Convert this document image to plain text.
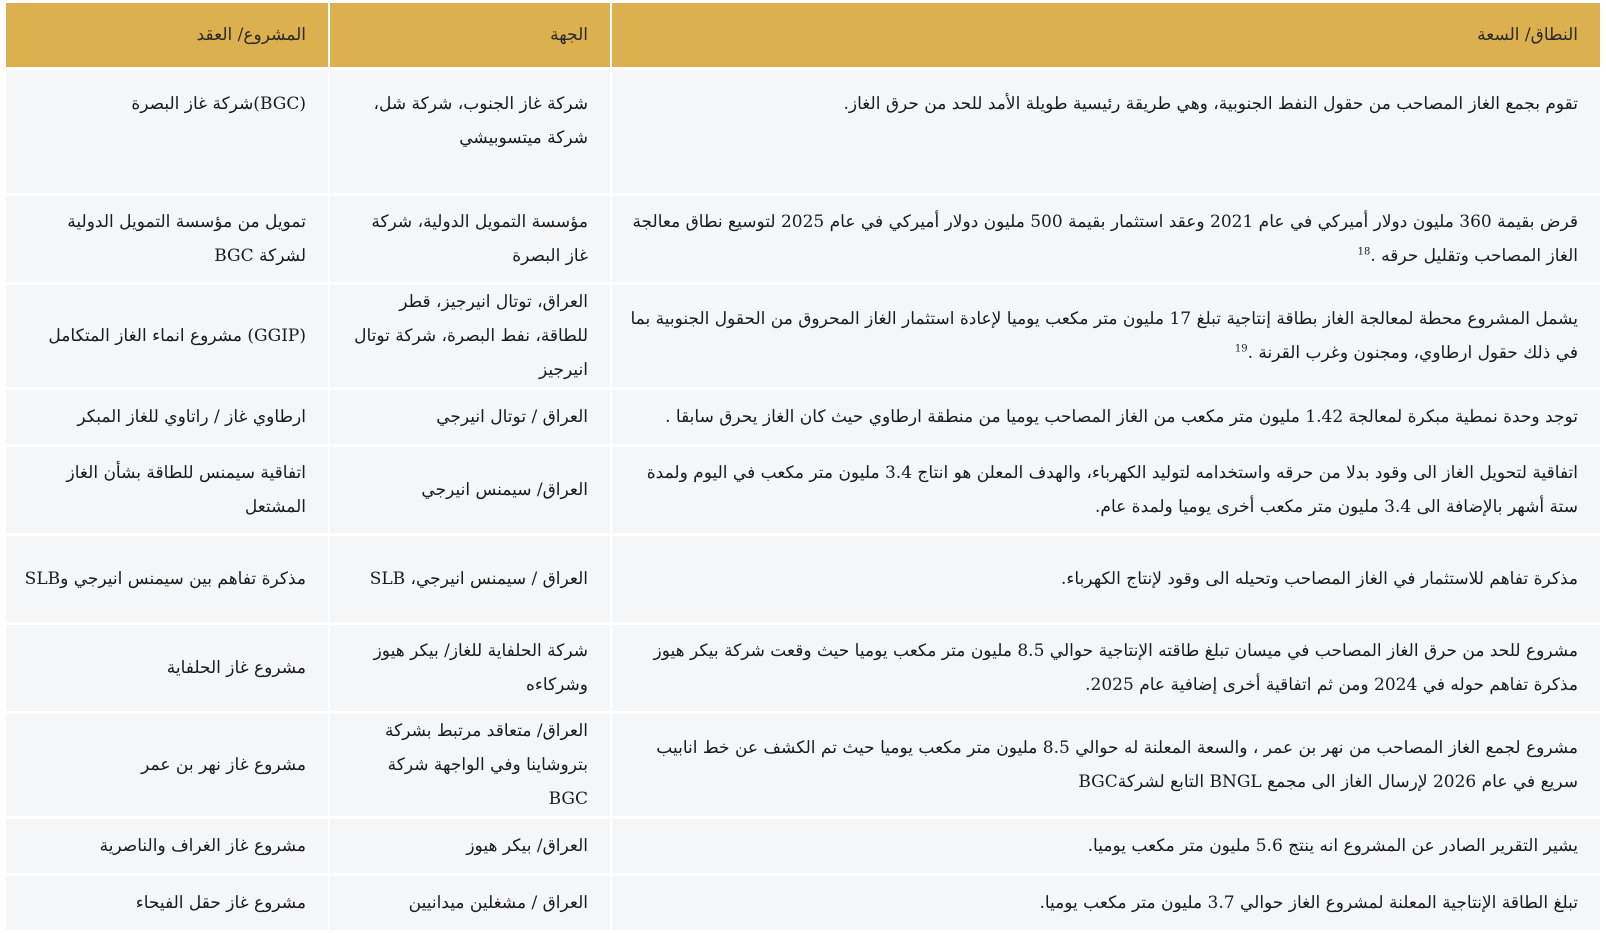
النطاق/ السعة	الجهة	المشروع/ العقد
تقوم بجمع الغاز المصاحب من حقول النفط الجنوبية، وهي طريقة رئيسية طويلة الأمد للحد من حرق الغاز.	شركة غاز الجنوب، شركة شل، شركة ميتسوبيشي	(BGC)شركة غاز البصرة
قرض بقيمة 360 مليون دولار أميركي في عام 2021 وعقد استثمار بقيمة 500 مليون دولار أميركي في عام 2025 لتوسيع نطاق معالجة الغاز المصاحب وتقليل حرقه .$^{18}$	مؤسسة التمويل الدولية، شركة غاز البصرة	تمويل من مؤسسة التمويل الدولية لشركة BGC
يشمل المشروع محطة لمعالجة الغاز بطاقة إنتاجية تبلغ 17 مليون متر مكعب يوميا لإعادة استثمار الغاز المحروق من الحقول الجنوبية بما في ذلك حقول ارطاوي، ومجنون وغرب القرنة .$^{19}$	العراق، توتال انيرجيز، قطر للطاقة، نفط البصرة، شركة توتال انيرجيز	(GGIP) مشروع انماء الغاز المتكامل
توجد وحدة نمطية مبكرة لمعالجة 1.42 مليون متر مكعب من الغاز المصاحب يوميا من منطقة ارطاوي حيث كان الغاز يحرق سابقا .	العراق / توتال انيرجي	ارطاوي غاز / راتاوي للغاز المبكر
اتفاقية لتحويل الغاز الى وقود بدلا من حرقه واستخدامه لتوليد الكهرباء، والهدف المعلن هو انتاج 3.4 مليون متر مكعب في اليوم ولمدة ستة أشهر بالإضافة الى 3.4 مليون متر مكعب أخرى يوميا ولمدة عام.	العراق/ سيمنس انيرجي	اتفاقية سيمنس للطاقة بشأن الغاز المشتعل
مذكرة تفاهم للاستثمار في الغاز المصاحب وتحيله الى وقود لإنتاج الكهرباء.	العراق / سيمنس انيرجي، SLB	مذكرة تفاهم بين سيمنس انيرجي وSLB
مشروع للحد من حرق الغاز المصاحب في ميسان تبلغ طاقته الإنتاجية حوالي 8.5 مليون متر مكعب يوميا حيث وقعت شركة بيكر هيوز مذكرة تفاهم حوله في 2024 ومن ثم اتفاقية أخرى إضافية عام 2025.	شركة الحلفاية للغاز/ بيكر هيوز وشركاءه	مشروع غاز الحلفاية
مشروع لجمع الغاز المصاحب من نهر بن عمر ، والسعة المعلنة له حوالي 8.5 مليون متر مكعب يوميا حيث تم الكشف عن خط انابيب سريع في عام 2026 لإرسال الغاز الى مجمع BNGL التابع لشركةBGC	العراق/ متعاقد مرتبط بشركة بتروشاينا وفي الواجهة شركة BGC	مشروع غاز نهر بن عمر
يشير التقرير الصادر عن المشروع انه ينتج 5.6 مليون متر مكعب يوميا.	العراق/ بيكر هيوز	مشروع غاز الغراف والناصرية
تبلغ الطاقة الإنتاجية المعلنة لمشروع الغاز حوالي 3.7 مليون متر مكعب يوميا.	العراق / مشغلين ميدانيين	مشروع غاز حقل الفيحاء
